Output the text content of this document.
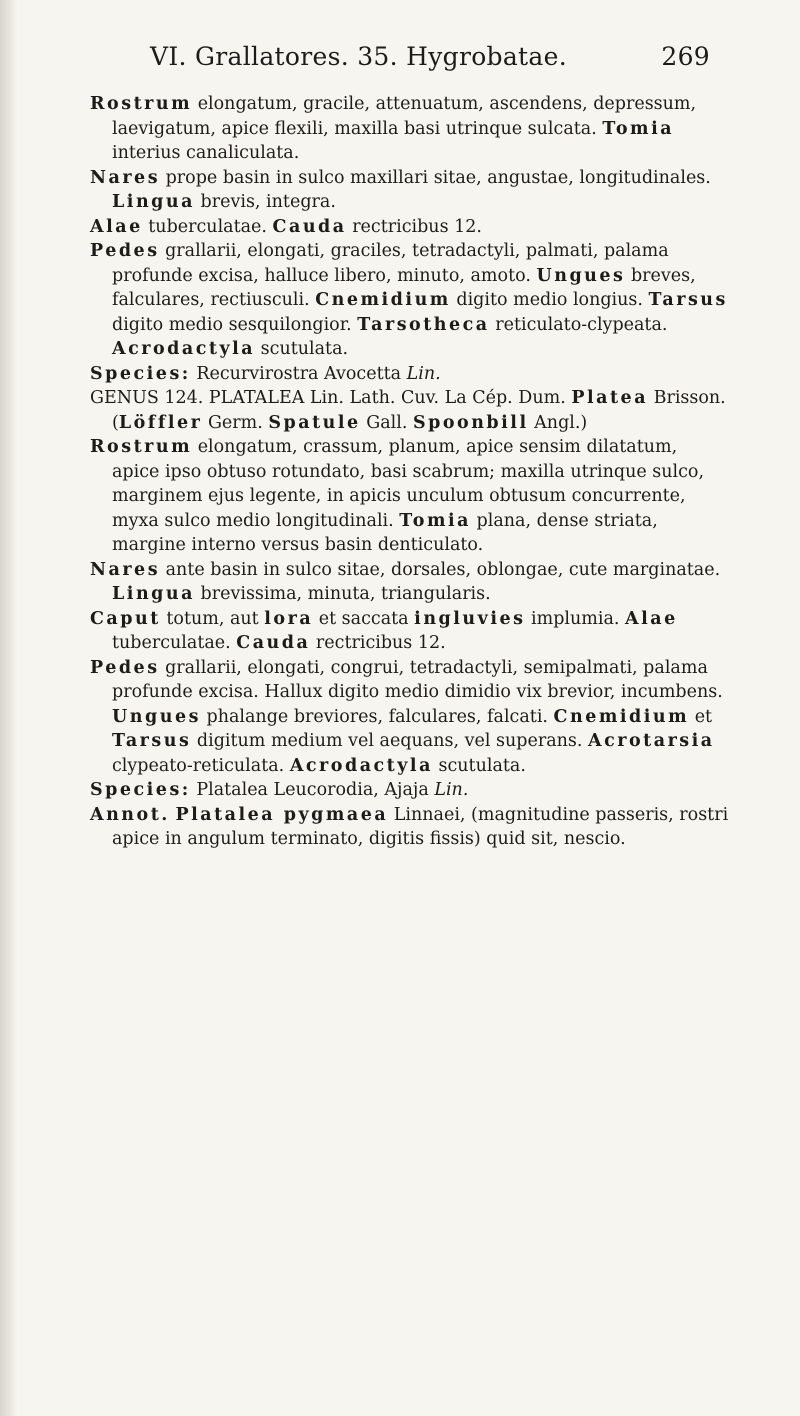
VI. Grallatores. 35. Hygrobatae.	269

Rostrum elongatum, gracile, attenuatum, ascendens, depressum, laevigatum, apice flexili, maxilla basi utrinque sulcata. Tomia interius canaliculata.

Nares prope basin in sulco maxillari sitae, angustae, longitudinales. Lingua brevis, integra.

Alae tuberculatae. Cauda rectricibus 12.

Pedes grallarii, elongati, graciles, tetradactyli, palmati, palama profunde excisa, halluce libero, minuto, amoto. Ungues breves, falculares, rectiusculi. Cnemidium digito medio longius. Tarsus digito medio sesquilongior. Tarsotheca reticulato-clypeata. Acrodactyla scutulata.

Species: Recurvirostra Avocetta Lin.

GENUS 124. PLATALEA Lin. Lath. Cuv. La Cép. Dum. Platea Brisson. (Löffler Germ. Spatule Gall. Spoonbill Angl.)

Rostrum elongatum, crassum, planum, apice sensim dilatatum, apice ipso obtuso rotundato, basi scabrum; maxilla utrinque sulco, marginem ejus legente, in apicis unculum obtusum concurrente, myxa sulco medio longitudinali. Tomia plana, dense striata, margine interno versus basin denticulato.

Nares ante basin in sulco sitae, dorsales, oblongae, cute marginatae. Lingua brevissima, minuta, triangularis.

Caput totum, aut lora et saccata ingluvies implumia. Alae tuberculatae. Cauda rectricibus 12.

Pedes grallarii, elongati, congrui, tetradactyli, semipalmati, palama profunde excisa. Hallux digito medio dimidio vix brevior, incumbens. Ungues phalange breviores, falculares, falcati. Cnemidium et Tarsus digitum medium vel aequans, vel superans. Acrotarsia clypeato-reticulata. Acrodactyla scutulata.

Species: Platalea Leucorodia, Ajaja Lin.

Annot. Platalea pygmaea Linnaei, (magnitudine passeris, rostri apice in angulum terminato, digitis fissis) quid sit, nescio.
